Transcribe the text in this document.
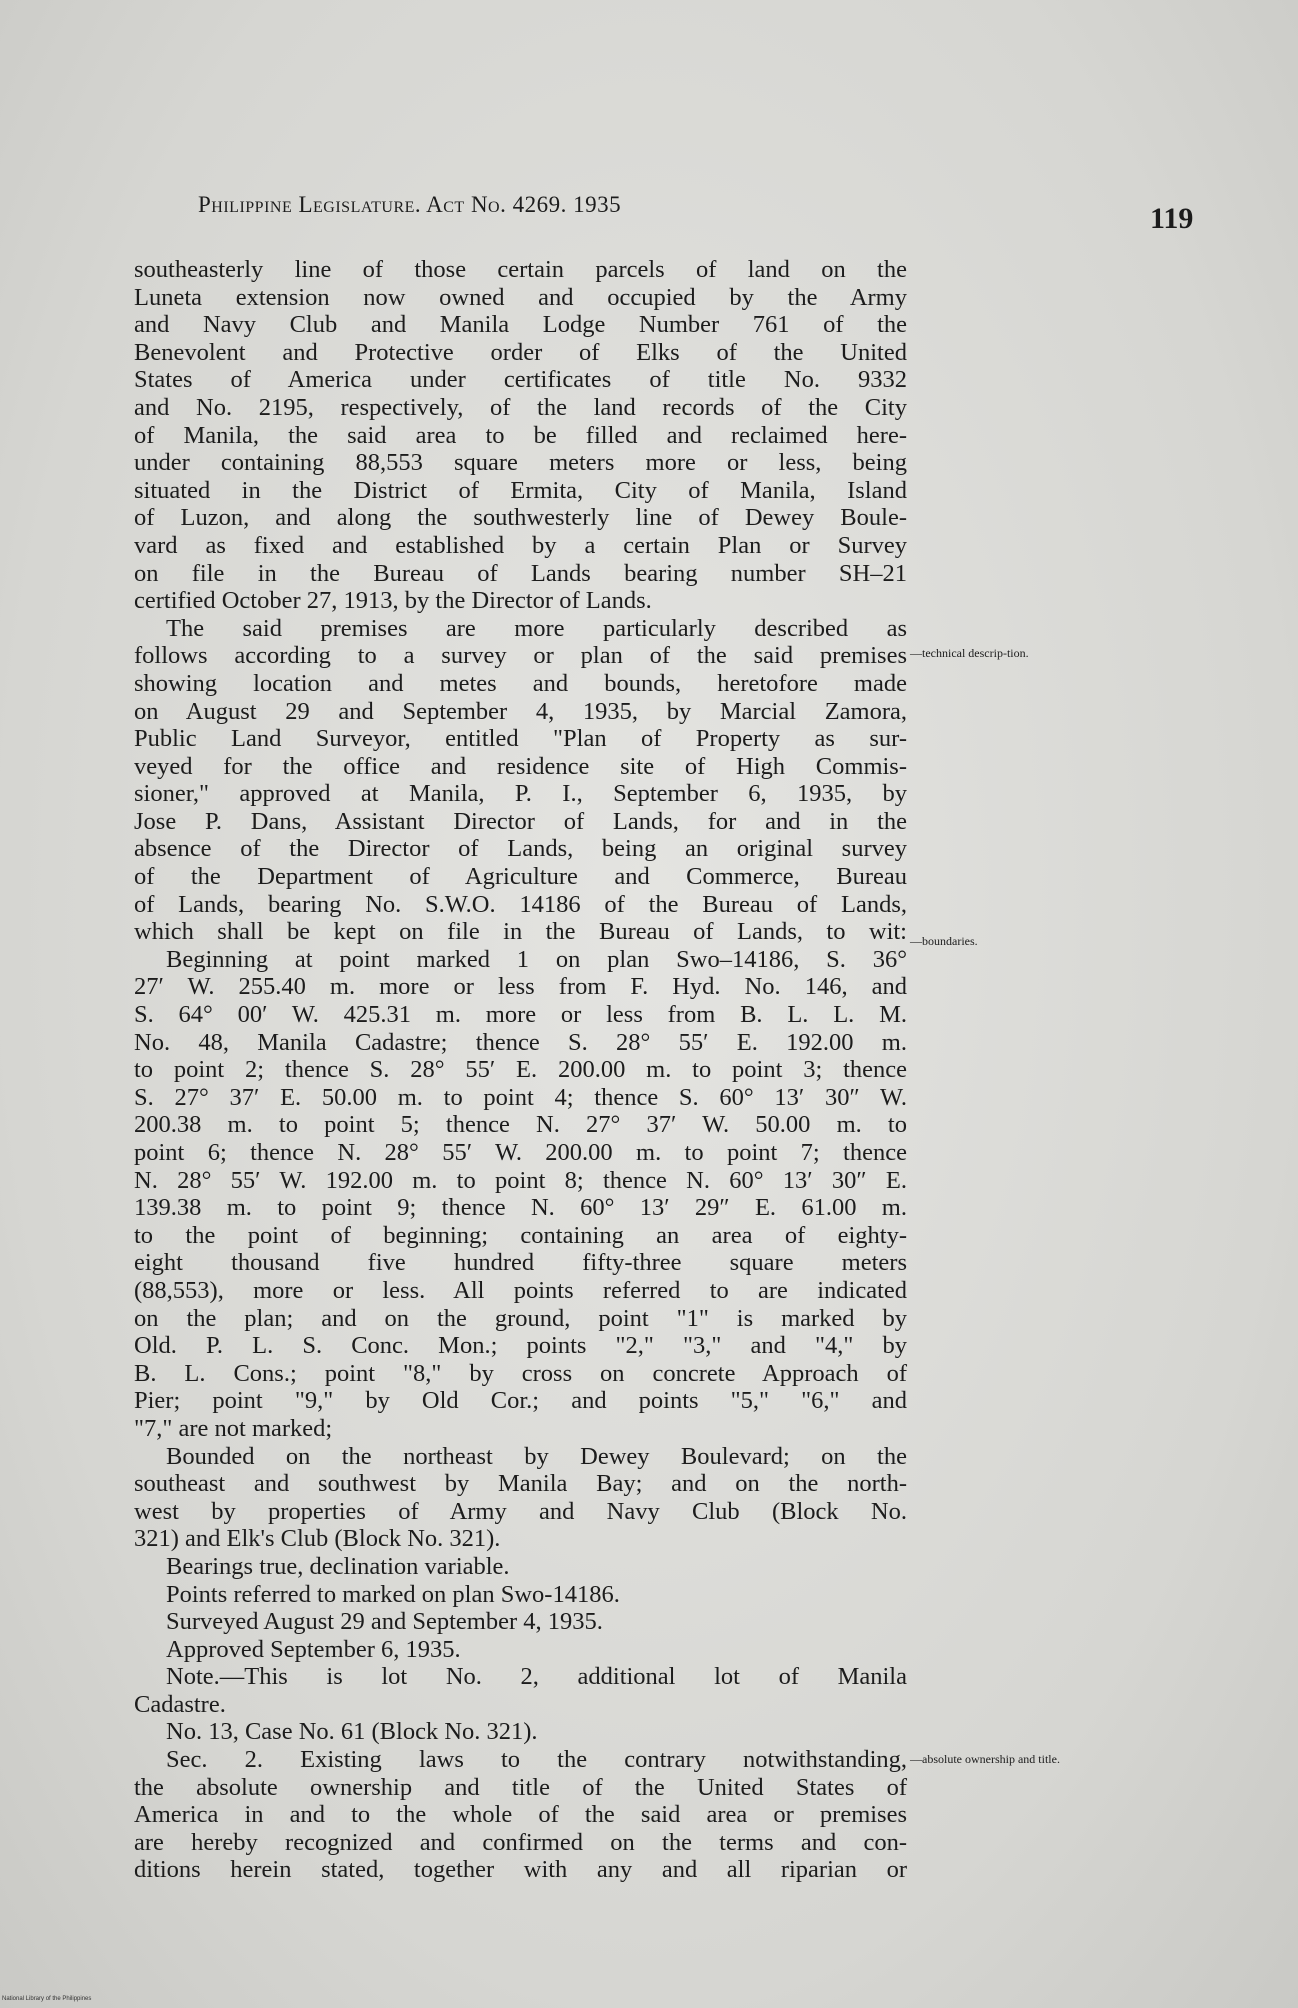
Philippine Legislature. Act No. 4269. 1935	119
southeasterly line of those certain parcels of land on the
Luneta extension now owned and occupied by the Army
and Navy Club and Manila Lodge Number 761 of the
Benevolent and Protective order of Elks of the United
States of America under certificates of title No. 9332
and No. 2195, respectively, of the land records of the City
of Manila, the said area to be filled and reclaimed here-
under containing 88,553 square meters more or less, being
situated in the District of Ermita, City of Manila, Island
of Luzon, and along the southwesterly line of Dewey Boule-
vard as fixed and established by a certain Plan or Survey
on file in the Bureau of Lands bearing number SH–21
certified October 27, 1913, by the Director of Lands.
The said premises are more particularly described as
follows according to a survey or plan of the said premises
showing location and metes and bounds, heretofore made
on August 29 and September 4, 1935, by Marcial Zamora,
Public Land Surveyor, entitled "Plan of Property as sur-
veyed for the office and residence site of High Commis-
sioner," approved at Manila, P. I., September 6, 1935, by
Jose P. Dans, Assistant Director of Lands, for and in the
absence of the Director of Lands, being an original survey
of the Department of Agriculture and Commerce, Bureau
of Lands, bearing No. S.W.O. 14186 of the Bureau of Lands,
which shall be kept on file in the Bureau of Lands, to wit:
Beginning at point marked 1 on plan Swo–14186, S. 36°
27′ W. 255.40 m. more or less from F. Hyd. No. 146, and
S. 64° 00′ W. 425.31 m. more or less from B. L. L. M.
No. 48, Manila Cadastre; thence S. 28° 55′ E. 192.00 m.
to point 2; thence S. 28° 55′ E. 200.00 m. to point 3; thence
S. 27° 37′ E. 50.00 m. to point 4; thence S. 60° 13′ 30″ W.
200.38 m. to point 5; thence N. 27° 37′ W. 50.00 m. to
point 6; thence N. 28° 55′ W. 200.00 m. to point 7; thence
N. 28° 55′ W. 192.00 m. to point 8; thence N. 60° 13′ 30″ E.
139.38 m. to point 9; thence N. 60° 13′ 29″ E. 61.00 m.
to the point of beginning; containing an area of eighty-
eight thousand five hundred fifty-three square meters
(88,553), more or less. All points referred to are indicated
on the plan; and on the ground, point "1" is marked by
Old. P. L. S. Conc. Mon.; points "2," "3," and "4," by
B. L. Cons.; point "8," by cross on concrete Approach of
Pier; point "9," by Old Cor.; and points "5," "6," and
"7," are not marked;
Bounded on the northeast by Dewey Boulevard; on the
southeast and southwest by Manila Bay; and on the north-
west by properties of Army and Navy Club (Block No.
321) and Elk's Club (Block No. 321).
Bearings true, declination variable.
Points referred to marked on plan Swo-14186.
Surveyed August 29 and September 4, 1935.
Approved September 6, 1935.
Note.—This is lot No. 2, additional lot of Manila
Cadastre.
No. 13, Case No. 61 (Block No. 321).
Sec. 2. Existing laws to the contrary notwithstanding,
the absolute ownership and title of the United States of
America in and to the whole of the said area or premises
are hereby recognized and confirmed on the terms and con-
ditions herein stated, together with any and all riparian or
—technical descrip-tion.
—boundaries.
—absolute ownership and title.
National Library of the Philippines
